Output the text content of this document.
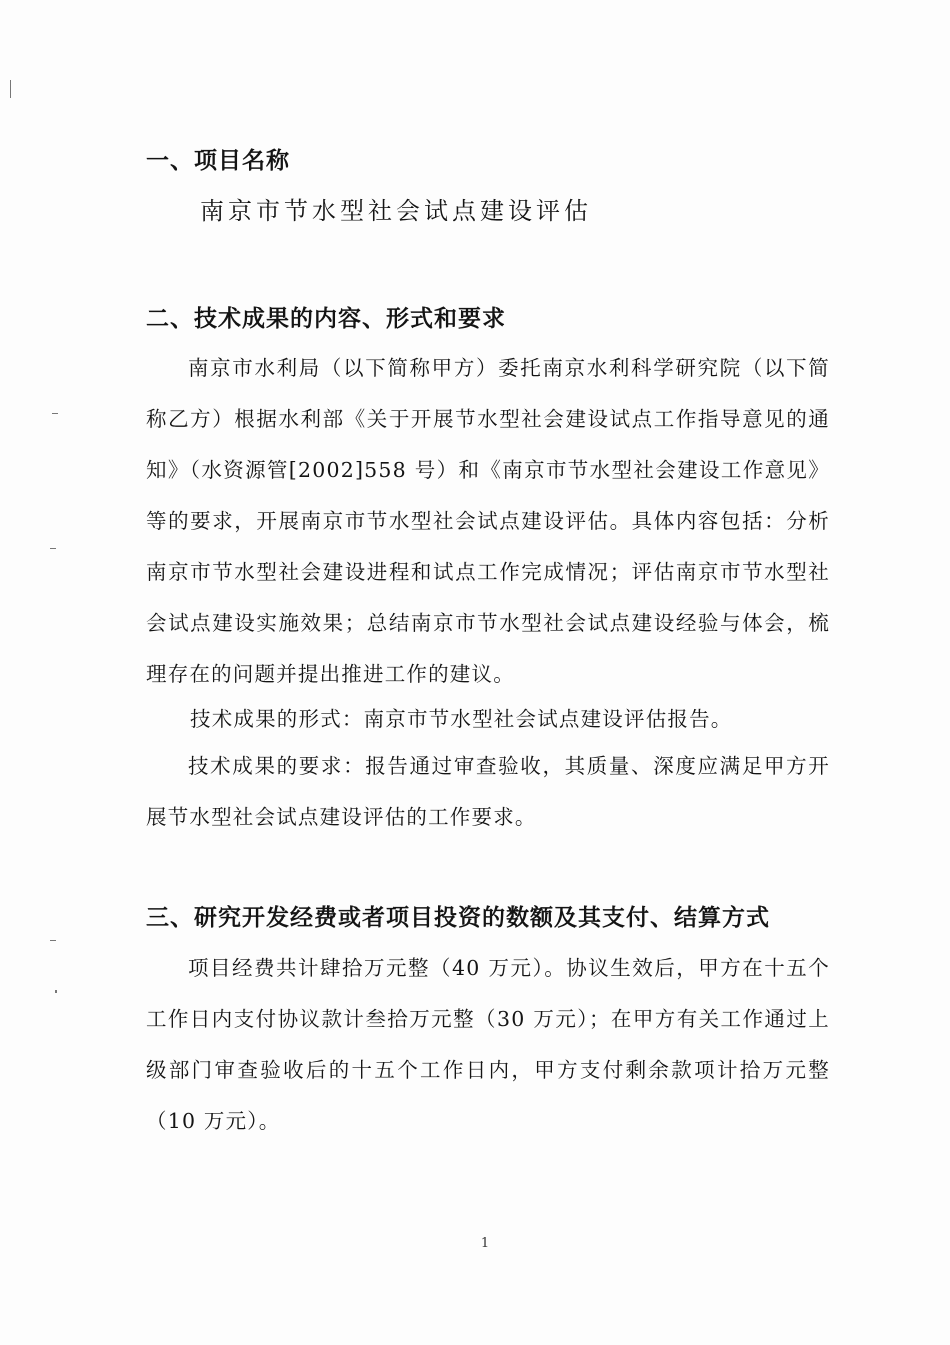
一、项目名称
南京市节水型社会试点建设评估
二、技术成果的内容、形式和要求

南京市水利局（以下简称甲方）委托南京水利科学研究院（以下简称乙方）根据水利部《关于开展节水型社会建设试点工作指导意见的通知》（水资源管[2002]558 号）和《南京市节水型社会建设工作意见》等的要求，开展南京市节水型社会试点建设评估。具体内容包括：分析南京市节水型社会建设进程和试点工作完成情况；评估南京市节水型社会试点建设实施效果；总结南京市节水型社会试点建设经验与体会，梳理存在的问题并提出推进工作的建议。

技术成果的形式：南京市节水型社会试点建设评估报告。

技术成果的要求：报告通过审查验收，其质量、深度应满足甲方开展节水型社会试点建设评估的工作要求。

三、研究开发经费或者项目投资的数额及其支付、结算方式

项目经费共计肆拾万元整（40 万元）。协议生效后，甲方在十五个工作日内支付协议款计叁拾万元整（30 万元）；在甲方有关工作通过上级部门审查验收后的十五个工作日内，甲方支付剩余款项计拾万元整（10 万元）。

1
